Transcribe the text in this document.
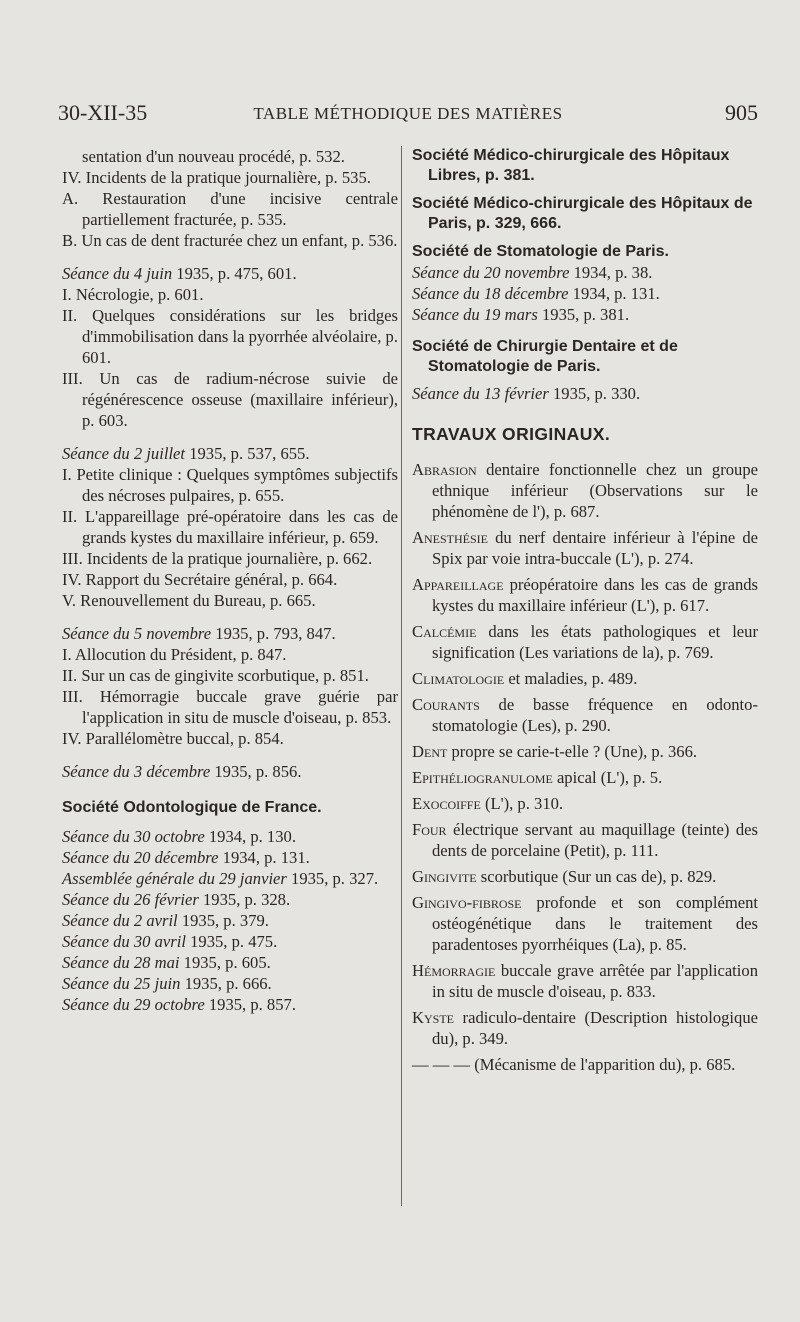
30-XII-35	TABLE MÉTHODIQUE DES MATIÈRES	905

sentation d'un nouveau procédé, p. 532.

IV. Incidents de la pratique journalière, p. 535.

A. Restauration d'une incisive centrale partiellement fracturée, p. 535.

B. Un cas de dent fracturée chez un enfant, p. 536.

Séance du 4 juin 1935, p. 475, 601.

I. Nécrologie, p. 601.

II. Quelques considérations sur les bridges d'immobilisation dans la pyorrhée alvéolaire, p. 601.

III. Un cas de radium-nécrose suivie de régénérescence osseuse (maxillaire inférieur), p. 603.

Séance du 2 juillet 1935, p. 537, 655.

I. Petite clinique : Quelques symptômes subjectifs des nécroses pulpaires, p. 655.

II. L'appareillage pré-opératoire dans les cas de grands kystes du maxillaire inférieur, p. 659.

III. Incidents de la pratique journalière, p. 662.

IV. Rapport du Secrétaire général, p. 664.

V. Renouvellement du Bureau, p. 665.

Séance du 5 novembre 1935, p. 793, 847.

I. Allocution du Président, p. 847.

II. Sur un cas de gingivite scorbutique, p. 851.

III. Hémorragie buccale grave guérie par l'application in situ de muscle d'oiseau, p. 853.

IV. Parallélomètre buccal, p. 854.

Séance du 3 décembre 1935, p. 856.

Société Odontologique de France.

Séance du 30 octobre 1934, p. 130.

Séance du 20 décembre 1934, p. 131.

Assemblée générale du 29 janvier 1935, p. 327.

Séance du 26 février 1935, p. 328.

Séance du 2 avril 1935, p. 379.

Séance du 30 avril 1935, p. 475.

Séance du 28 mai 1935, p. 605.

Séance du 25 juin 1935, p. 666.

Séance du 29 octobre 1935, p. 857.

Société Médico-chirurgicale des Hôpitaux Libres, p. 381.

Société Médico-chirurgicale des Hôpitaux de Paris, p. 329, 666.

Société de Stomatologie de Paris.

Séance du 20 novembre 1934, p. 38.

Séance du 18 décembre 1934, p. 131.

Séance du 19 mars 1935, p. 381.

Société de Chirurgie Dentaire et de Stomatologie de Paris.

Séance du 13 février 1935, p. 330.

TRAVAUX ORIGINAUX.

Abrasion dentaire fonctionnelle chez un groupe ethnique inférieur (Observations sur le phénomène de l'), p. 687.

Anesthésie du nerf dentaire inférieur à l'épine de Spix par voie intra-buccale (L'), p. 274.

Appareillage préopératoire dans les cas de grands kystes du maxillaire inférieur (L'), p. 617.

Calcémie dans les états pathologiques et leur signification (Les variations de la), p. 769.

Climatologie et maladies, p. 489.

Courants de basse fréquence en odonto-stomatologie (Les), p. 290.

Dent propre se carie-t-elle ? (Une), p. 366.

Epithéliogranulome apical (L'), p. 5.

Exocoiffe (L'), p. 310.

Four électrique servant au maquillage (teinte) des dents de porcelaine (Petit), p. 111.

Gingivite scorbutique (Sur un cas de), p. 829.

Gingivo-fibrose profonde et son complément ostéogénétique dans le traitement des paradentoses pyorrhéiques (La), p. 85.

Hémorragie buccale grave arrêtée par l'application in situ de muscle d'oiseau, p. 833.

Kyste radiculo-dentaire (Description histologique du), p. 349.

— — — (Mécanisme de l'apparition du), p. 685.
